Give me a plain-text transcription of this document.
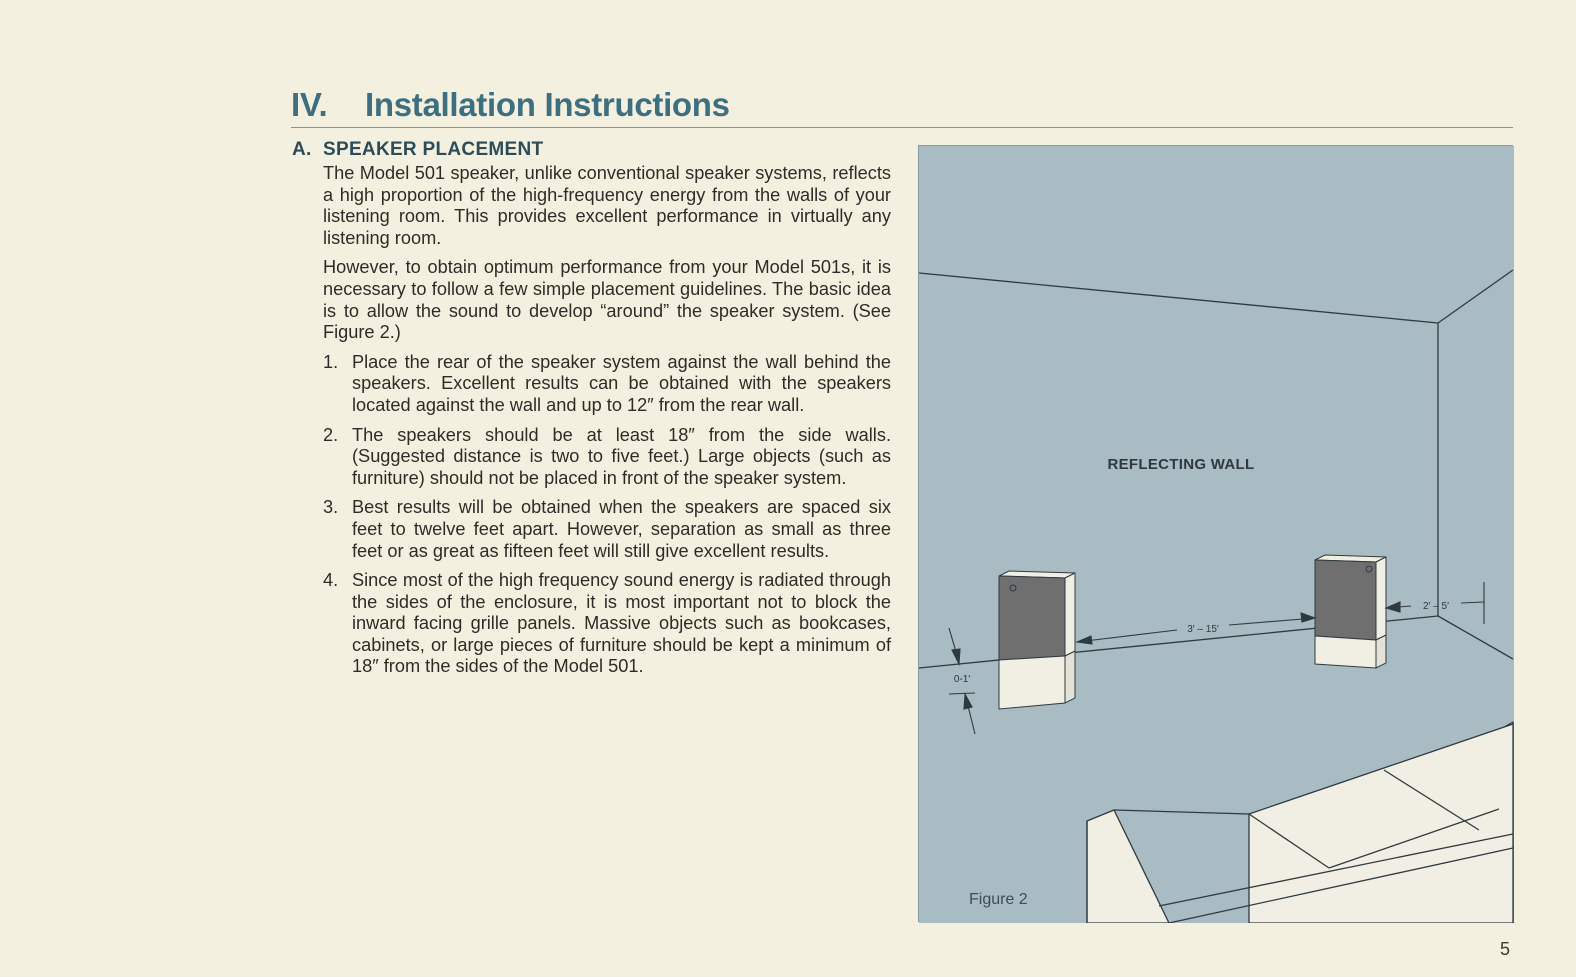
IV. Installation Instructions
A. SPEAKER PLACEMENT

The Model 501 speaker, unlike conventional speaker systems, reflects a high proportion of the high-frequency energy from the walls of your listening room. This provides excellent performance in virtually any listening room.

However, to obtain optimum performance from your Model 501s, it is necessary to follow a few simple placement guidelines. The basic idea is to allow the sound to develop “around” the speaker system. (See Figure 2.)

1. Place the rear of the speaker system against the wall behind the speakers. Excellent results can be obtained with the speakers located against the wall and up to 12″ from the rear wall.
2. The speakers should be at least 18″ from the side walls. (Suggested distance is two to five feet.) Large objects (such as furniture) should not be placed in front of the speaker system.
3. Best results will be obtained when the speakers are spaced six feet to twelve feet apart. However, separation as small as three feet or as great as fifteen feet will still give excellent results.
4. Since most of the high frequency sound energy is radiated through the sides of the enclosure, it is most important not to block the inward facing grille panels. Massive objects such as bookcases, cabinets, or large pieces of furniture should be kept a minimum of 18″ from the sides of the Model 501.
3′ – 15′
2′ – 5′
0-1′
REFLECTING WALL
Figure 2
5
